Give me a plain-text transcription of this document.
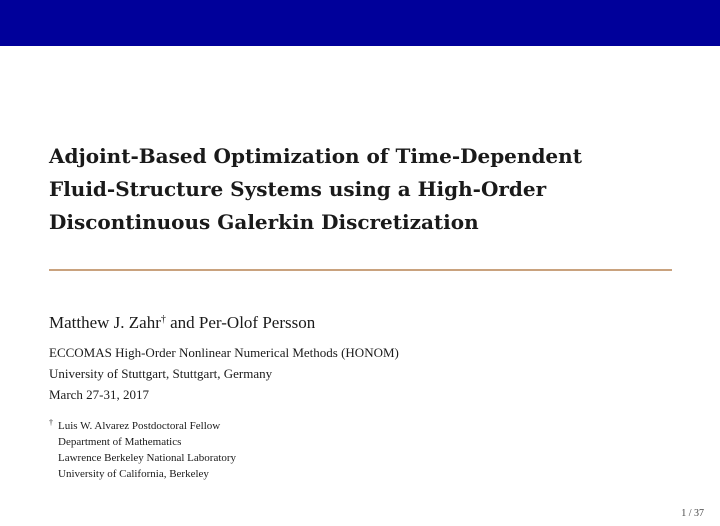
Adjoint-Based Optimization of Time-Dependent
Fluid-Structure Systems using a High-Order
Discontinuous Galerkin Discretization
Matthew J. Zahr† and Per-Olof Persson
ECCOMAS High-Order Nonlinear Numerical Methods (HONOM)
University of Stuttgart, Stuttgart, Germany
March 27-31, 2017
† Luis W. Alvarez Postdoctoral Fellow
Department of Mathematics
Lawrence Berkeley National Laboratory
University of California, Berkeley
1 / 37
